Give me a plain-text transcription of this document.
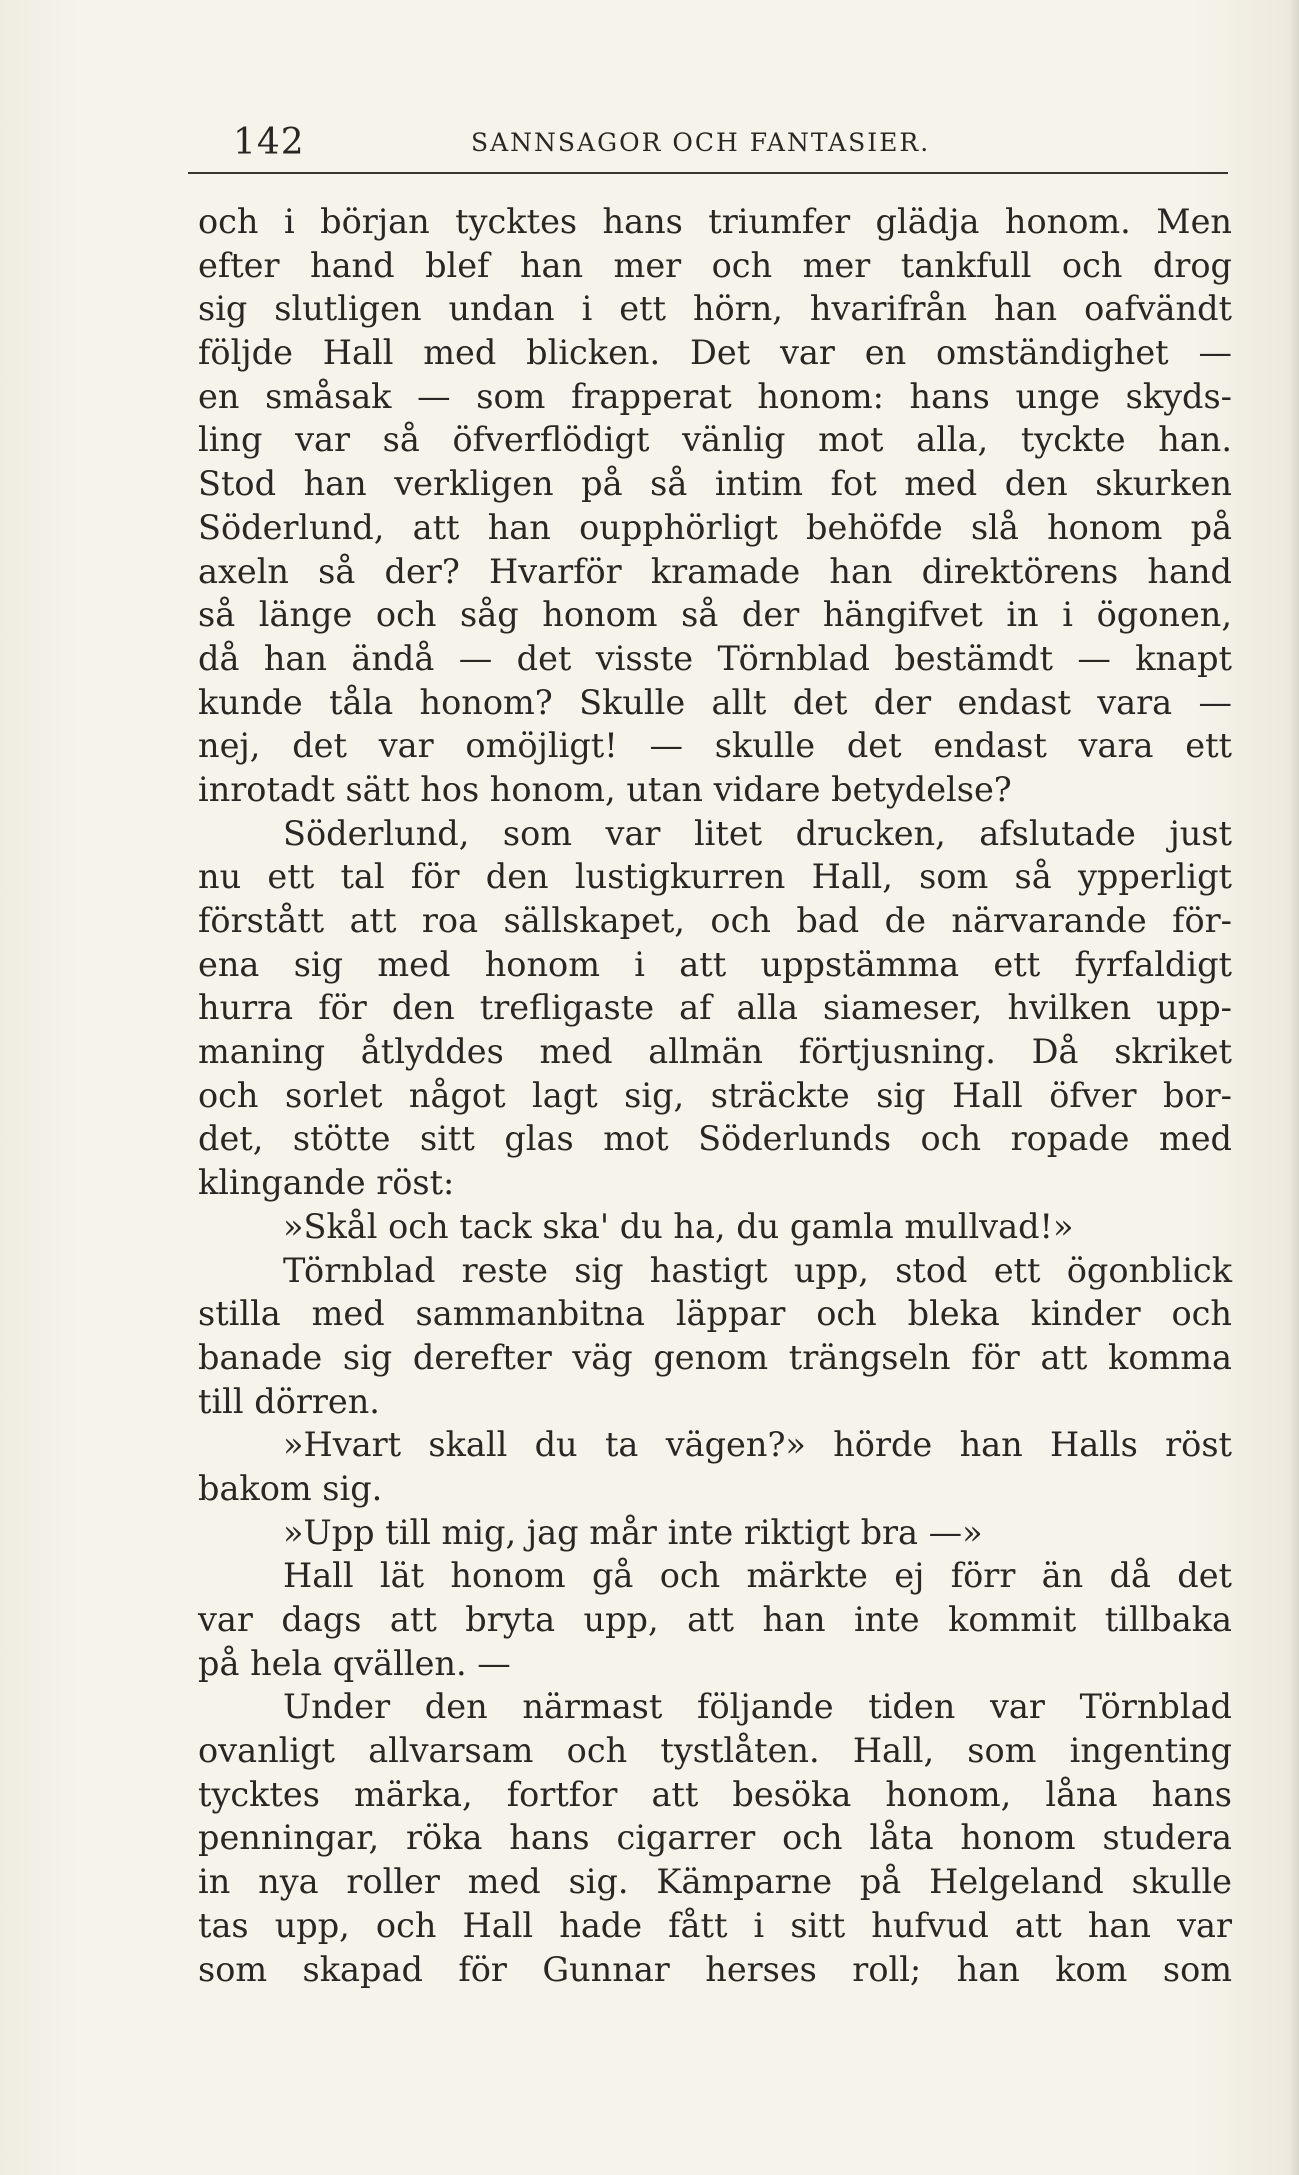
142	SANNSAGOR OCH FANTASIER.
och i början tycktes hans triumfer glädja honom. Men
efter hand blef han mer och mer tankfull och drog
sig slutligen undan i ett hörn, hvarifrån han oafvändt
följde Hall med blicken. Det var en omständighet —
en småsak — som frapperat honom: hans unge skyds-
ling var så öfverflödigt vänlig mot alla, tyckte han.
Stod han verkligen på så intim fot med den skurken
Söderlund, att han oupphörligt behöfde slå honom på
axeln så der? Hvarför kramade han direktörens hand
så länge och såg honom så der hängifvet in i ögonen,
då han ändå — det visste Törnblad bestämdt — knapt
kunde tåla honom? Skulle allt det der endast vara —
nej, det var omöjligt! — skulle det endast vara ett
inrotadt sätt hos honom, utan vidare betydelse?
Söderlund, som var litet drucken, afslutade just
nu ett tal för den lustigkurren Hall, som så ypperligt
förstått att roa sällskapet, och bad de närvarande för-
ena sig med honom i att uppstämma ett fyrfaldigt
hurra för den trefligaste af alla siameser, hvilken upp-
maning åtlyddes med allmän förtjusning. Då skriket
och sorlet något lagt sig, sträckte sig Hall öfver bor-
det, stötte sitt glas mot Söderlunds och ropade med
klingande röst:
»Skål och tack ska' du ha, du gamla mullvad!»
Törnblad reste sig hastigt upp, stod ett ögonblick
stilla med sammanbitna läppar och bleka kinder och
banade sig derefter väg genom trängseln för att komma
till dörren.
»Hvart skall du ta vägen?» hörde han Halls röst
bakom sig.
»Upp till mig, jag mår inte riktigt bra —»
Hall lät honom gå och märkte ej förr än då det
var dags att bryta upp, att han inte kommit tillbaka
på hela qvällen. —
Under den närmast följande tiden var Törnblad
ovanligt allvarsam och tystlåten. Hall, som ingenting
tycktes märka, fortfor att besöka honom, låna hans
penningar, röka hans cigarrer och låta honom studera
in nya roller med sig. Kämparne på Helgeland skulle
tas upp, och Hall hade fått i sitt hufvud att han var
som skapad för Gunnar herses roll; han kom som
